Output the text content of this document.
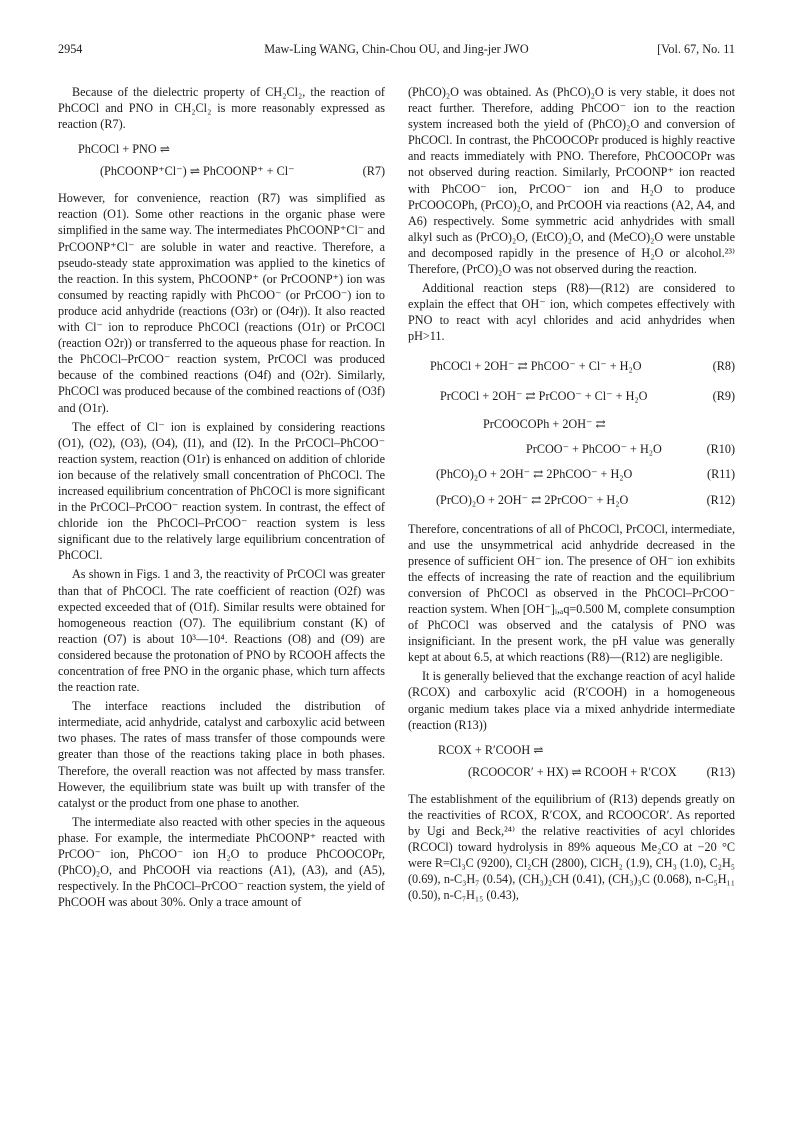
2954	Maw-Ling WANG, Chin-Chou OU, and Jing-jer JWO	[Vol. 67, No. 11

Because of the dielectric property of CH₂Cl₂, the reaction of PhCOCl and PNO in CH₂Cl₂ is more reasonably expressed as reaction (R7).

PhCOCl + PNO ⇌
(PhCOONP⁺Cl⁻) ⇌ PhCOONP⁺ + Cl⁻	(R7)

However, for convenience, reaction (R7) was simplified as reaction (O1). Some other reactions in the organic phase were simplified in the same way. The intermediates PhCOONP⁺Cl⁻ and PrCOONP⁺Cl⁻ are soluble in water and reactive. Therefore, a pseudo-steady state approximation was applied to the kinetics of the reaction. In this system, PhCOONP⁺ (or PrCOONP⁺) ion was consumed by reacting rapidly with PhCOO⁻ (or PrCOO⁻) ion to produce acid anhydride (reactions (O3r) or (O4r)). It also reacted with Cl⁻ ion to reproduce PhCOCl (reactions (O1r) or PrCOCl (reaction O2r)) or transferred to the aqueous phase for reaction. In the PhCOCl–PrCOO⁻ reaction system, PrCOCl was produced because of the combined reactions (O4f) and (O2r). Similarly, PhCOCl was produced because of the combined reactions of (O3f) and (O1r).

The effect of Cl⁻ ion is explained by considering reactions (O1), (O2), (O3), (O4), (I1), and (I2). In the PrCOCl–PhCOO⁻ reaction system, reaction (O1r) is enhanced on addition of chloride ion because of the relatively small concentration of PhCOCl. The increased equilibrium concentration of PhCOCl is more significant in the PrCOCl–PrCOO⁻ reaction system. In contrast, the effect of chloride ion the PhCOCl–PrCOO⁻ reaction system is less significant due to the relatively large equilibrium concentration of PhCOCl.

As shown in Figs. 1 and 3, the reactivity of PrCOCl was greater than that of PhCOCl. The rate coefficient of reaction (O2f) was expected exceeded that of (O1f). Similar results were obtained for homogeneous reaction (O7). The equilibrium constant (K) of reaction (O7) is about 10³—10⁴. Reactions (O8) and (O9) are considered because the protonation of PNO by RCOOH affects the concentration of free PNO in the organic phase, which turn affects the reaction rate.

The interface reactions included the distribution of intermediate, acid anhydride, catalyst and carboxylic acid between two phases. The rates of mass transfer of those compounds were greater than those of the reactions taking place in both phases. Therefore, the overall reaction was not affected by mass transfer. However, the equilibrium state was built up with transfer of the catalyst or the product from one phase to another.

The intermediate also reacted with other species in the aqueous phase. For example, the intermediate PhCOONP⁺ reacted with PrCOO⁻ ion, PhCOO⁻ ion H₂O to produce PhCOOCOPr, (PhCO)₂O, and PhCOOH via reactions (A1), (A3), and (A5), respectively. In the PhCOCl–PrCOO⁻ reaction system, the yield of PhCOOH was about 30%. Only a trace amount of

(PhCO)₂O was obtained. As (PhCO)₂O is very stable, it does not react further. Therefore, adding PhCOO⁻ ion to the reaction system increased both the yield of (PhCO)₂O and conversion of PhCOCl. In contrast, the PhCOOCOPr produced is highly reactive and reacts immediately with PNO. Therefore, PhCOOCOPr was not observed during reaction. Similarly, PrCOONP⁺ ion reacted with PhCOO⁻ ion, PrCOO⁻ ion and H₂O to produce PrCOOCOPh, (PrCO)₂O, and PrCOOH via reactions (A2, A4, and A6) respectively. Some symmetric acid anhydrides with small alkyl such as (PrCO)₂O, (EtCO)₂O, and (MeCO)₂O were unstable and decomposed rapidly in the presence of H₂O or alcohol.²³⁾ Therefore, (PrCO)₂O was not observed during the reaction.

Additional reaction steps (R8)—(R12) are considered to explain the effect that OH⁻ ion, which competes effectively with PNO to react with acyl chlorides and acid anhydrides when pH>11.

PhCOCl + 2OH⁻ ⇄ PhCOO⁻ + Cl⁻ + H₂O	(R8)
PrCOCl + 2OH⁻ ⇄ PrCOO⁻ + Cl⁻ + H₂O	(R9)
PrCOOCOPh + 2OH⁻ ⇄
PrCOO⁻ + PhCOO⁻ + H₂O	(R10)
(PhCO)₂O + 2OH⁻ ⇄ 2PhCOO⁻ + H₂O	(R11)
(PrCO)₂O + 2OH⁻ ⇄ 2PrCOO⁻ + H₂O	(R12)

Therefore, concentrations of all of PhCOCl, PrCOCl, intermediate, and use the unsymmetrical acid anhydride decreased in the presence of sufficient OH⁻ ion. The presence of OH⁻ ion exhibits the effects of increasing the rate of reaction and the equilibrium conversion of PhCOCl as observed in the PhCOCl–PrCOO⁻ reaction system. When [OH⁻]ᵢ,ₐq=0.500 M, complete consumption of PhCOCl was observed and the catalysis of PNO was insignificiant. In the present work, the pH value was generally kept at about 6.5, at which reactions (R8)—(R12) are negligible.

It is generally believed that the exchange reaction of acyl halide (RCOX) and carboxylic acid (R′COOH) in a homogeneous organic medium takes place via a mixed anhydride intermediate (reaction (R13))

RCOX + R′COOH ⇌
(RCOOCOR′ + HX) ⇌ RCOOH + R′COX (R13)

The establishment of the equilibrium of (R13) depends greatly on the reactivities of RCOX, R′COX, and RCOOCOR′. As reported by Ugi and Beck,²⁴⁾ the relative reactivities of acyl chlorides (RCOCl) toward hydrolysis in 89% aqueous Me₂CO at −20 °C were R=Cl₃C (9200), Cl₂CH (2800), ClCH₂ (1.9), CH₃ (1.0), C₂H₅ (0.69), n-C₃H₇ (0.54), (CH₃)₂CH (0.41), (CH₃)₃C (0.068), n-C₅H₁₁ (0.50), n-C₇H₁₅ (0.43),
